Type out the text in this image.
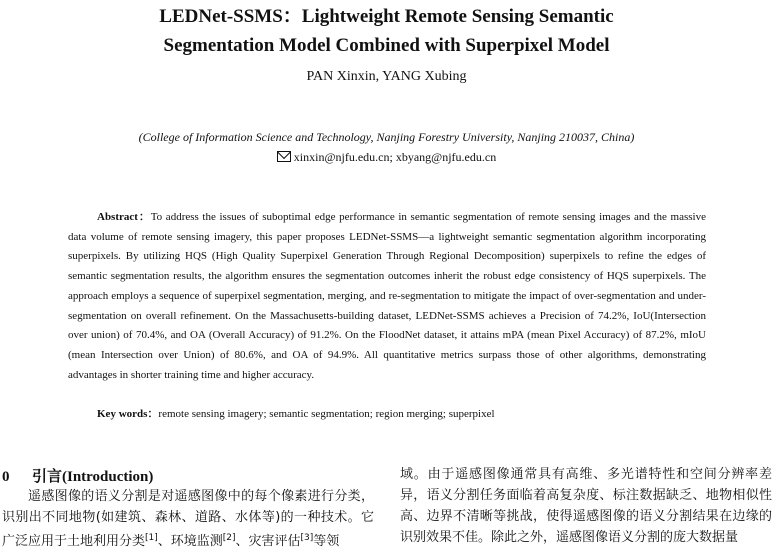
LEDNet-SSMS：Lightweight Remote Sensing Semantic
Segmentation Model Combined with Superpixel Model
PAN Xinxin, YANG Xubing
(College of Information Science and Technology, Nanjing Forestry University, Nanjing 210037, China)
xinxin@njfu.edu.cn; xbyang@njfu.edu.cn
Abstract：To address the issues of suboptimal edge performance in semantic segmentation of remote sensing images and the massive data volume of remote sensing imagery, this paper proposes LEDNet-SSMS—a lightweight semantic segmentation algorithm incorporating superpixels. By utilizing HQS (High Quality Superpixel Generation Through Regional Decomposition) superpixels to refine the edges of semantic segmentation results, the algorithm ensures the segmentation outcomes inherit the robust edge consistency of HQS superpixels. The approach employs a sequence of superpixel segmentation, merging, and re-segmentation to mitigate the impact of over-segmentation and under-segmentation on overall refinement. On the Massachusetts-building dataset, LEDNet-SSMS achieves a Precision of 74.2%, IoU(Intersection over union) of 70.4%, and OA (Overall Accuracy) of 91.2%. On the FloodNet dataset, it attains mPA (mean Pixel Accuracy) of 87.2%, mIoU (mean Intersection over Union) of 80.6%, and OA of 94.9%. All quantitative metrics surpass those of other algorithms, demonstrating advantages in shorter training time and higher accuracy.
Key words：remote sensing imagery; semantic segmentation; region merging; superpixel
0 引言(Introduction)
遥感图像的语义分割是对遥感图像中的每个像素进行分类，识别出不同地物(如建筑、森林、道路、水体等)的一种技术。它广泛应用于土地利用分类[1]、环境监测[2]、灾害评估[3]等领
域。由于遥感图像通常具有高维、多光谱特性和空间分辨率差异，语义分割任务面临着高复杂度、标注数据缺乏、地物相似性高、边界不清晰等挑战，使得遥感图像的语义分割结果在边缘的识别效果不佳。除此之外，遥感图像语义分割的庞大数据量
